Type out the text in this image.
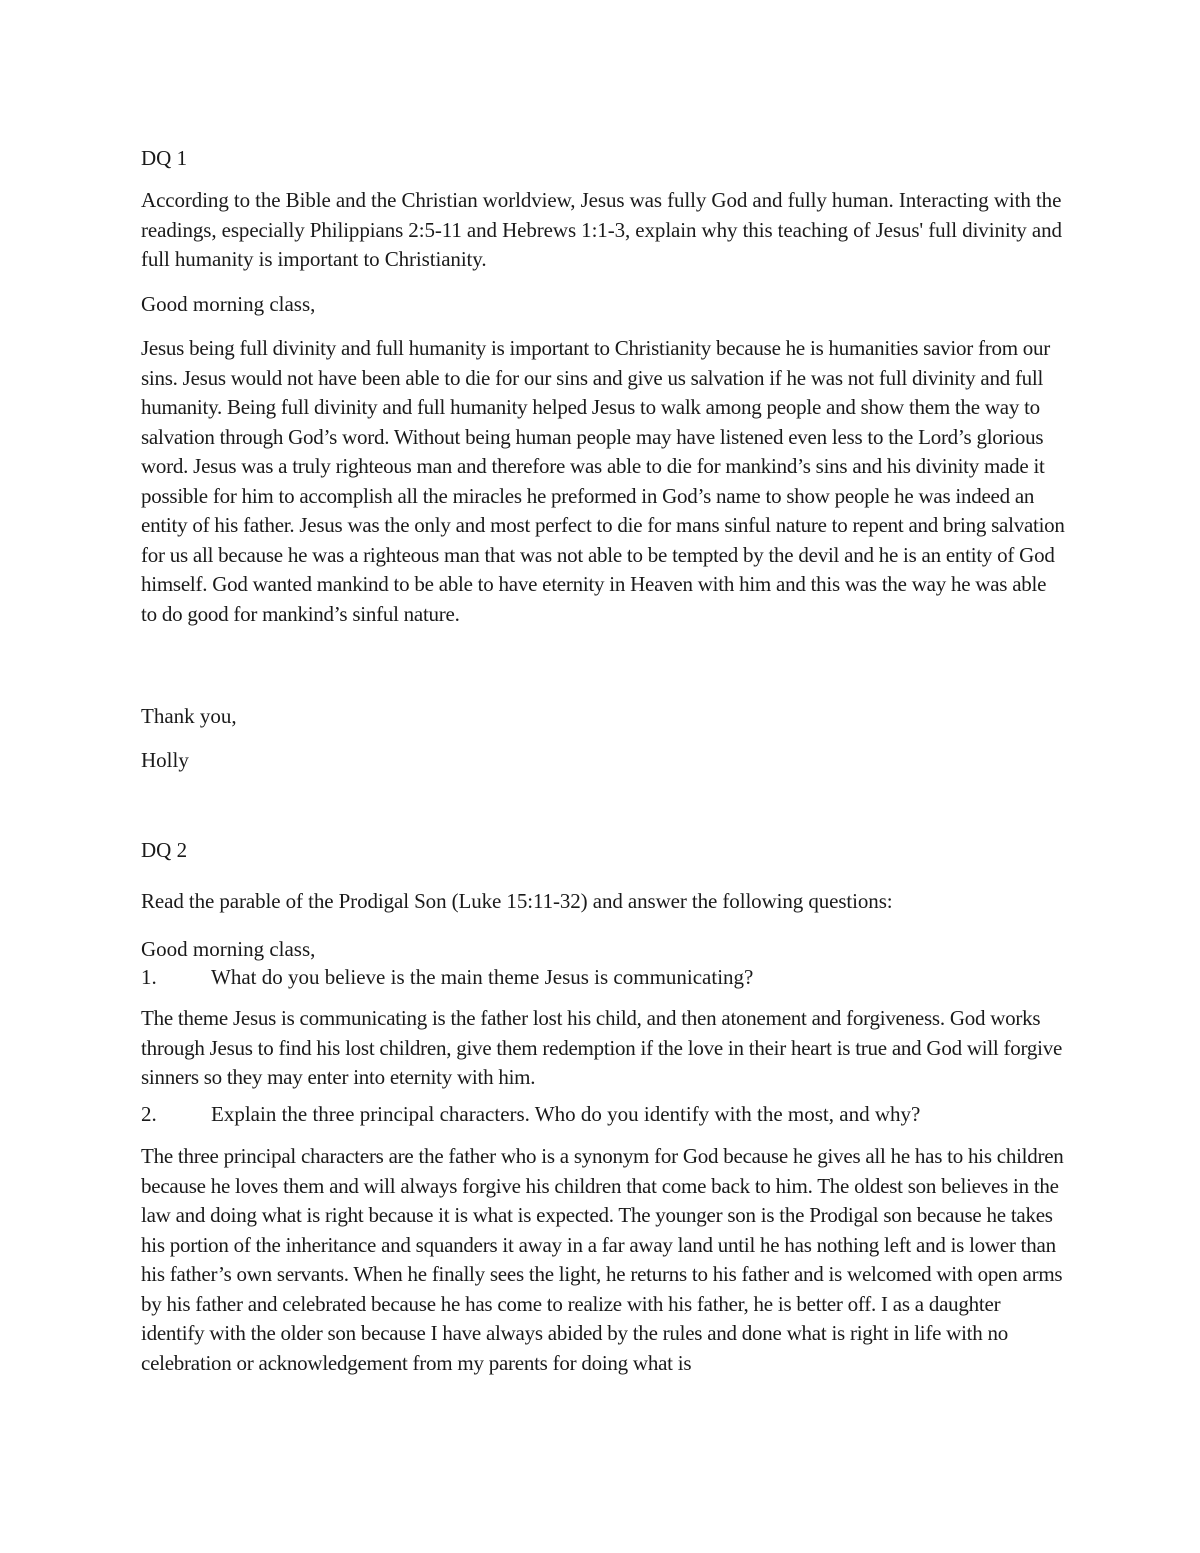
DQ 1
According to the Bible and the Christian worldview, Jesus was fully God and fully human. Interacting with the readings, especially Philippians 2:5-11 and Hebrews 1:1-3, explain why this teaching of Jesus' full divinity and full humanity is important to Christianity.
Good morning class,
Jesus being full divinity and full humanity is important to Christianity because he is humanities savior from our sins. Jesus would not have been able to die for our sins and give us salvation if he was not full divinity and full humanity. Being full divinity and full humanity helped Jesus to walk among people and show them the way to salvation through God’s word. Without being human people may have listened even less to the Lord’s glorious word. Jesus was a truly righteous man and therefore was able to die for mankind’s sins and his divinity made it possible for him to accomplish all the miracles he preformed in God’s name to show people he was indeed an entity of his father. Jesus was the only and most perfect to die for mans sinful nature to repent and bring salvation for us all because he was a righteous man that was not able to be tempted by the devil and he is an entity of God himself. God wanted mankind to be able to have eternity in Heaven with him and this was the way he was able to do good for mankind’s sinful nature.
Thank you,
Holly
DQ 2
Read the parable of the Prodigal Son (Luke 15:11-32) and answer the following questions:
Good morning class,
1.	What do you believe is the main theme Jesus is communicating?
The theme Jesus is communicating is the father lost his child, and then atonement and forgiveness. God works through Jesus to find his lost children, give them redemption if the love in their heart is true and God will forgive sinners so they may enter into eternity with him.
2.	Explain the three principal characters. Who do you identify with the most, and why?
The three principal characters are the father who is a synonym for God because he gives all he has to his children because he loves them and will always forgive his children that come back to him. The oldest son believes in the law and doing what is right because it is what is expected. The younger son is the Prodigal son because he takes his portion of the inheritance and squanders it away in a far away land until he has nothing left and is lower than his father’s own servants. When he finally sees the light, he returns to his father and is welcomed with open arms by his father and celebrated because he has come to realize with his father, he is better off. I as a daughter identify with the older son because I have always abided by the rules and done what is right in life with no celebration or acknowledgement from my parents for doing what is
